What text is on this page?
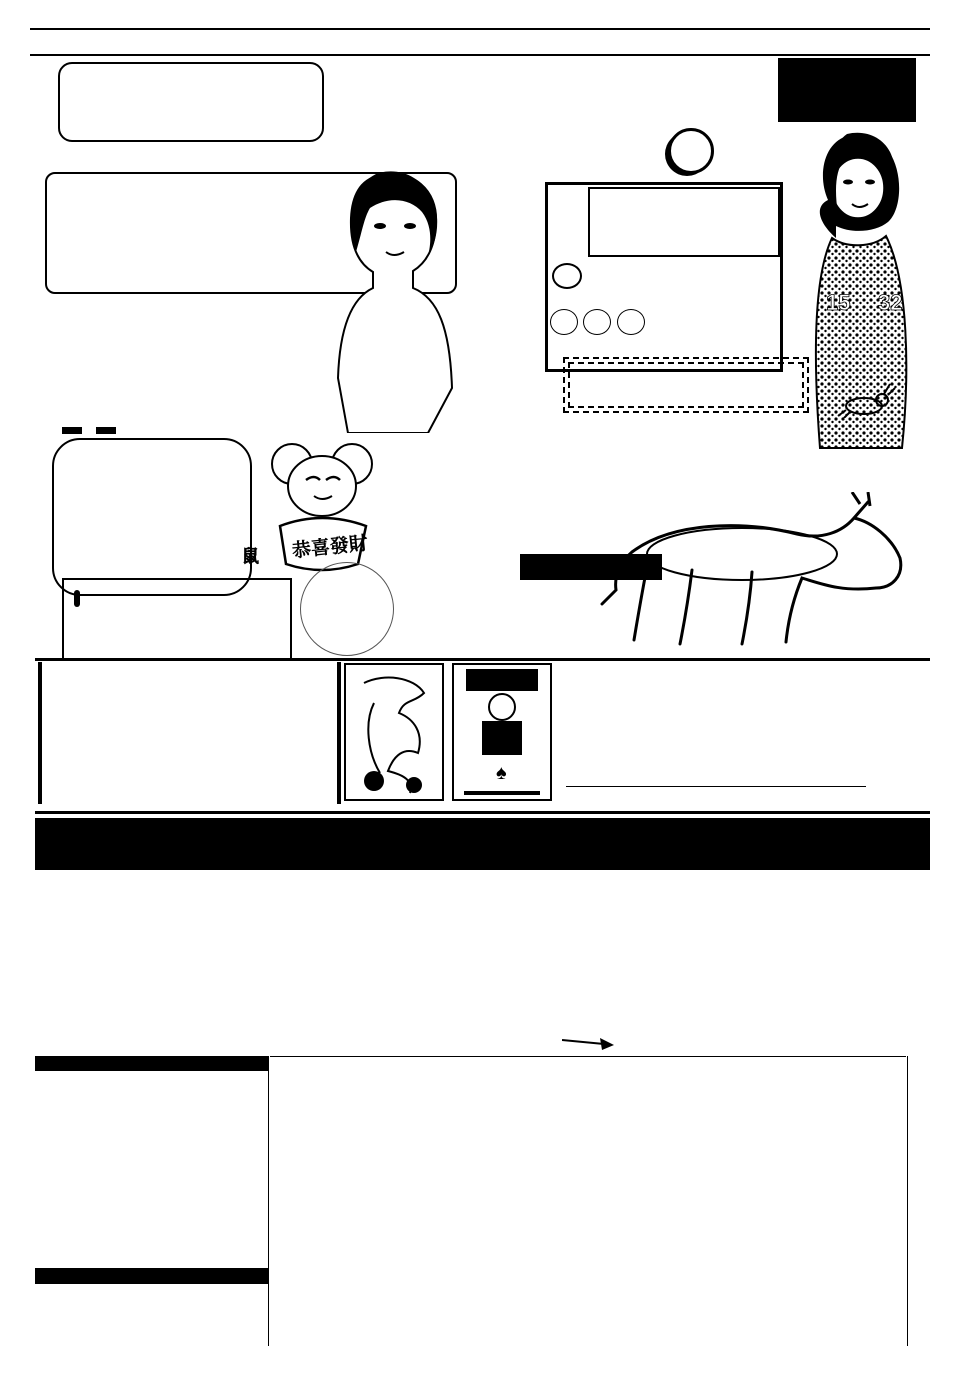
15 32
恭喜發財
鼠
♠
